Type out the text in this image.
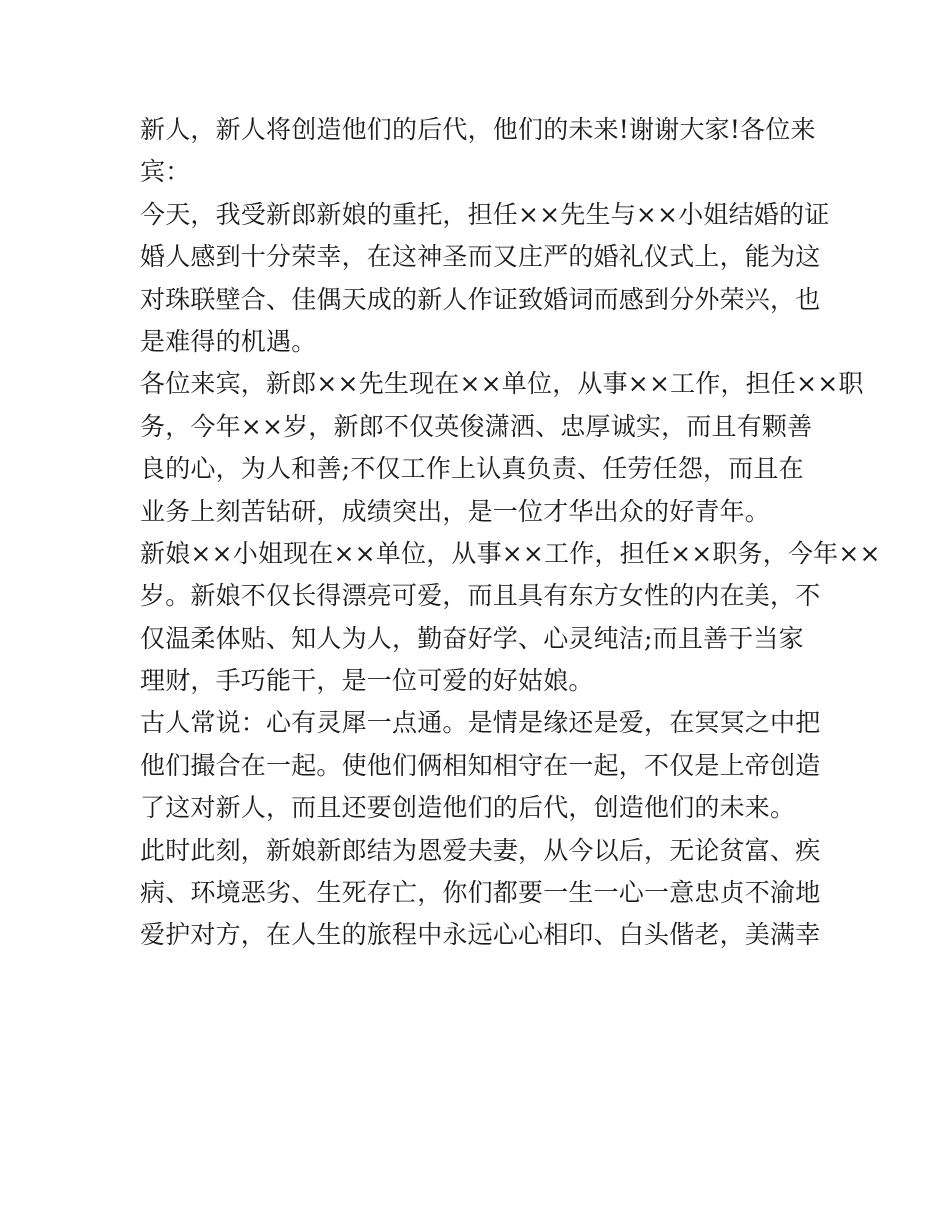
新人，新人将创造他们的后代，他们的未来!谢谢大家!各位来
宾：
今天，我受新郎新娘的重托，担任××先生与××小姐结婚的证
婚人感到十分荣幸，在这神圣而又庄严的婚礼仪式上，能为这
对珠联壁合、佳偶天成的新人作证致婚词而感到分外荣兴，也
是难得的机遇。
各位来宾，新郎××先生现在××单位，从事××工作，担任××职
务，今年××岁，新郎不仅英俊潇洒、忠厚诚实，而且有颗善
良的心，为人和善;不仅工作上认真负责、任劳任怨，而且在
业务上刻苦钻研，成绩突出，是一位才华出众的好青年。
新娘××小姐现在××单位，从事××工作，担任××职务，今年××
岁。新娘不仅长得漂亮可爱，而且具有东方女性的内在美，不
仅温柔体贴、知人为人，勤奋好学、心灵纯洁;而且善于当家
理财，手巧能干，是一位可爱的好姑娘。
古人常说：心有灵犀一点通。是情是缘还是爱，在冥冥之中把
他们撮合在一起。使他们俩相知相守在一起，不仅是上帝创造
了这对新人，而且还要创造他们的后代，创造他们的未来。
此时此刻，新娘新郎结为恩爱夫妻，从今以后，无论贫富、疾
病、环境恶劣、生死存亡，你们都要一生一心一意忠贞不渝地
爱护对方，在人生的旅程中永远心心相印、白头偕老，美满幸
